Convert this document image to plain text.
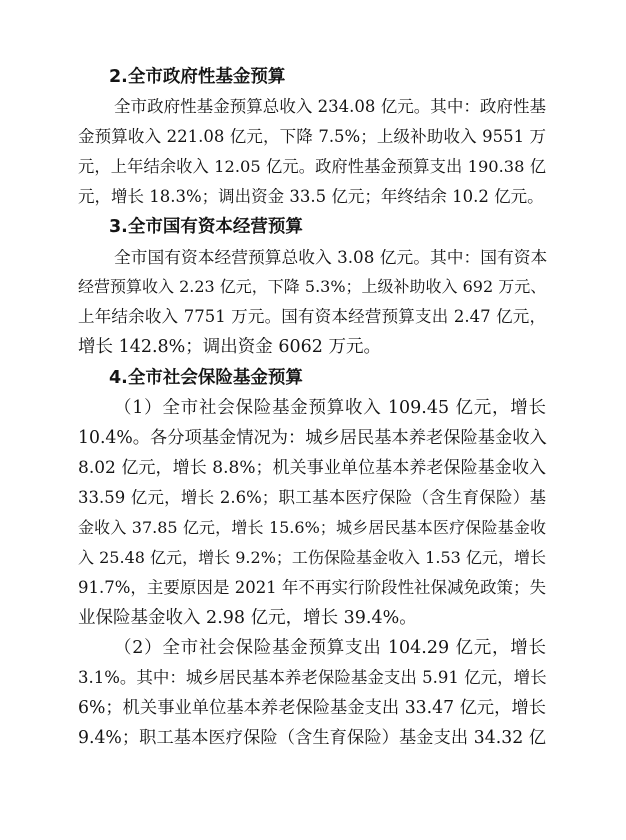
2.全市政府性基金预算
全市政府性基金预算总收入 234.08 亿元。其中：政府性基
金预算收入 221.08 亿元，下降 7.5%；上级补助收入 9551 万
元，上年结余收入 12.05 亿元。政府性基金预算支出 190.38 亿
元，增长 18.3%；调出资金 33.5 亿元；年终结余 10.2 亿元。
3.全市国有资本经营预算
全市国有资本经营预算总收入 3.08 亿元。其中：国有资本
经营预算收入 2.23 亿元，下降 5.3%；上级补助收入 692 万元、
上年结余收入 7751 万元。国有资本经营预算支出 2.47 亿元，
增长 142.8%；调出资金 6062 万元。
4.全市社会保险基金预算
（1）全市社会保险基金预算收入 109.45 亿元，增长
10.4%。各分项基金情况为：城乡居民基本养老保险基金收入
8.02 亿元，增长 8.8%；机关事业单位基本养老保险基金收入
33.59 亿元，增长 2.6%；职工基本医疗保险（含生育保险）基
金收入 37.85 亿元，增长 15.6%；城乡居民基本医疗保险基金收
入 25.48 亿元，增长 9.2%；工伤保险基金收入 1.53 亿元，增长
91.7%，主要原因是 2021 年不再实行阶段性社保减免政策；失
业保险基金收入 2.98 亿元，增长 39.4%。
（2）全市社会保险基金预算支出 104.29 亿元，增长
3.1%。其中：城乡居民基本养老保险基金支出 5.91 亿元，增长
6%；机关事业单位基本养老保险基金支出 33.47 亿元，增长
9.4%；职工基本医疗保险（含生育保险）基金支出 34.32 亿
